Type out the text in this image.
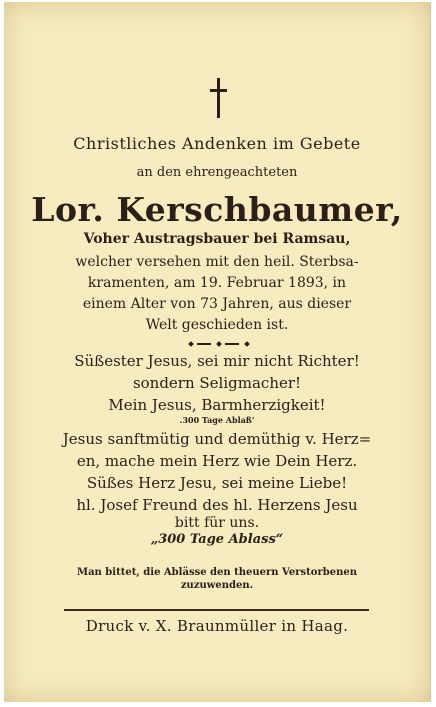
Christliches Andenken im Gebete
an den ehrengeachteten
Lor. Kerschbaumer,
Voher Austragsbauer bei Ramsau,
welcher versehen mit den heil. Sterbsa-
kramenten, am 19. Februar 1893, in
einem Alter von 73 Jahren, aus dieser
Welt geschieden ist.
Süßester Jesus, sei mir nicht Richter!
sondern Seligmacher!
Mein Jesus, Barmherzigkeit!
.300 Tage Ablaß'
Jesus sanftmütig und demüthig v. Herz=
en, mache mein Herz wie Dein Herz.
Süßes Herz Jesu, sei meine Liebe!
hl. Josef Freund des hl. Herzens Jesu
bitt für uns.
„300 Tage Ablass“
Man bittet, die Ablässe den theuern Verstorbenen
zuzuwenden.
Druck v. X. Braunmüller in Haag.
